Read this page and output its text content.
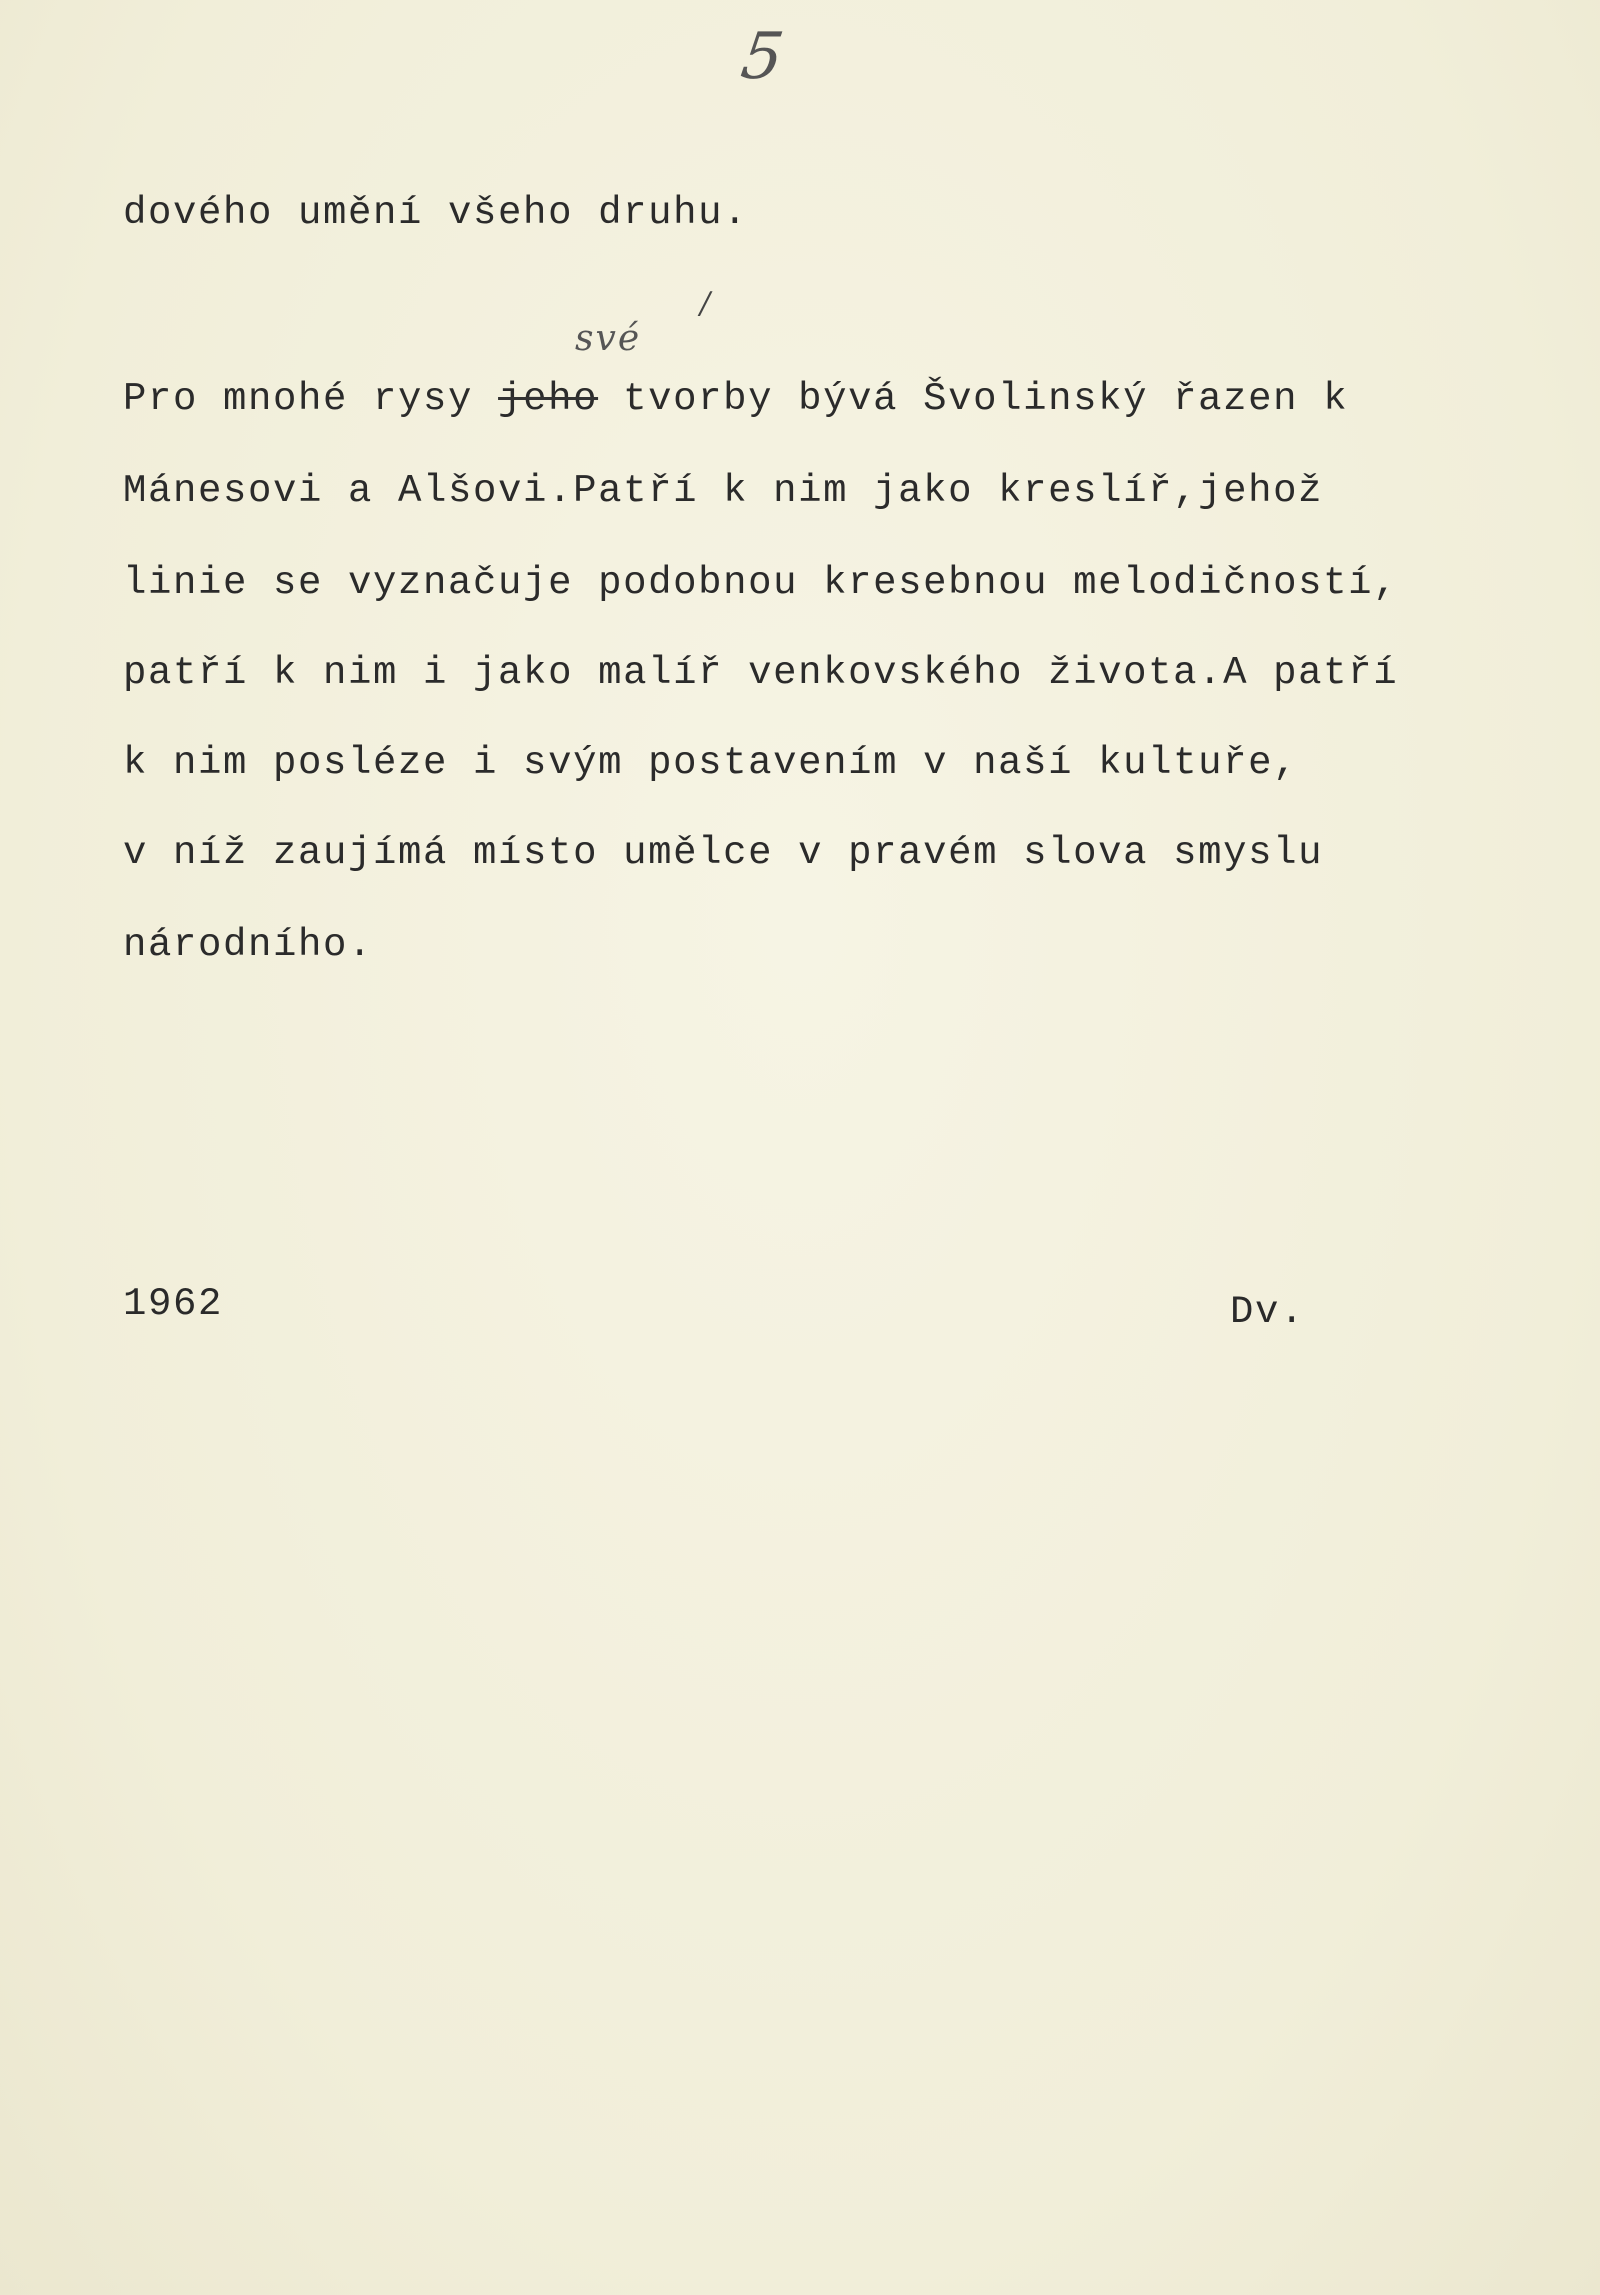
5
dového umění všeho druhu.
/
své
Pro mnohé rysy jeho tvorby bývá Švolinský řazen k
Mánesovi a Alšovi.Patří k nim jako kreslíř,jehož
linie se vyznačuje podobnou kresebnou melodičností,
patří k nim i jako malíř venkovského života.A patří
k nim posléze i svým postavením v naší kultuře,
v níž zaujímá místo umělce v pravém slova smyslu
národního.
1962	Dv.
